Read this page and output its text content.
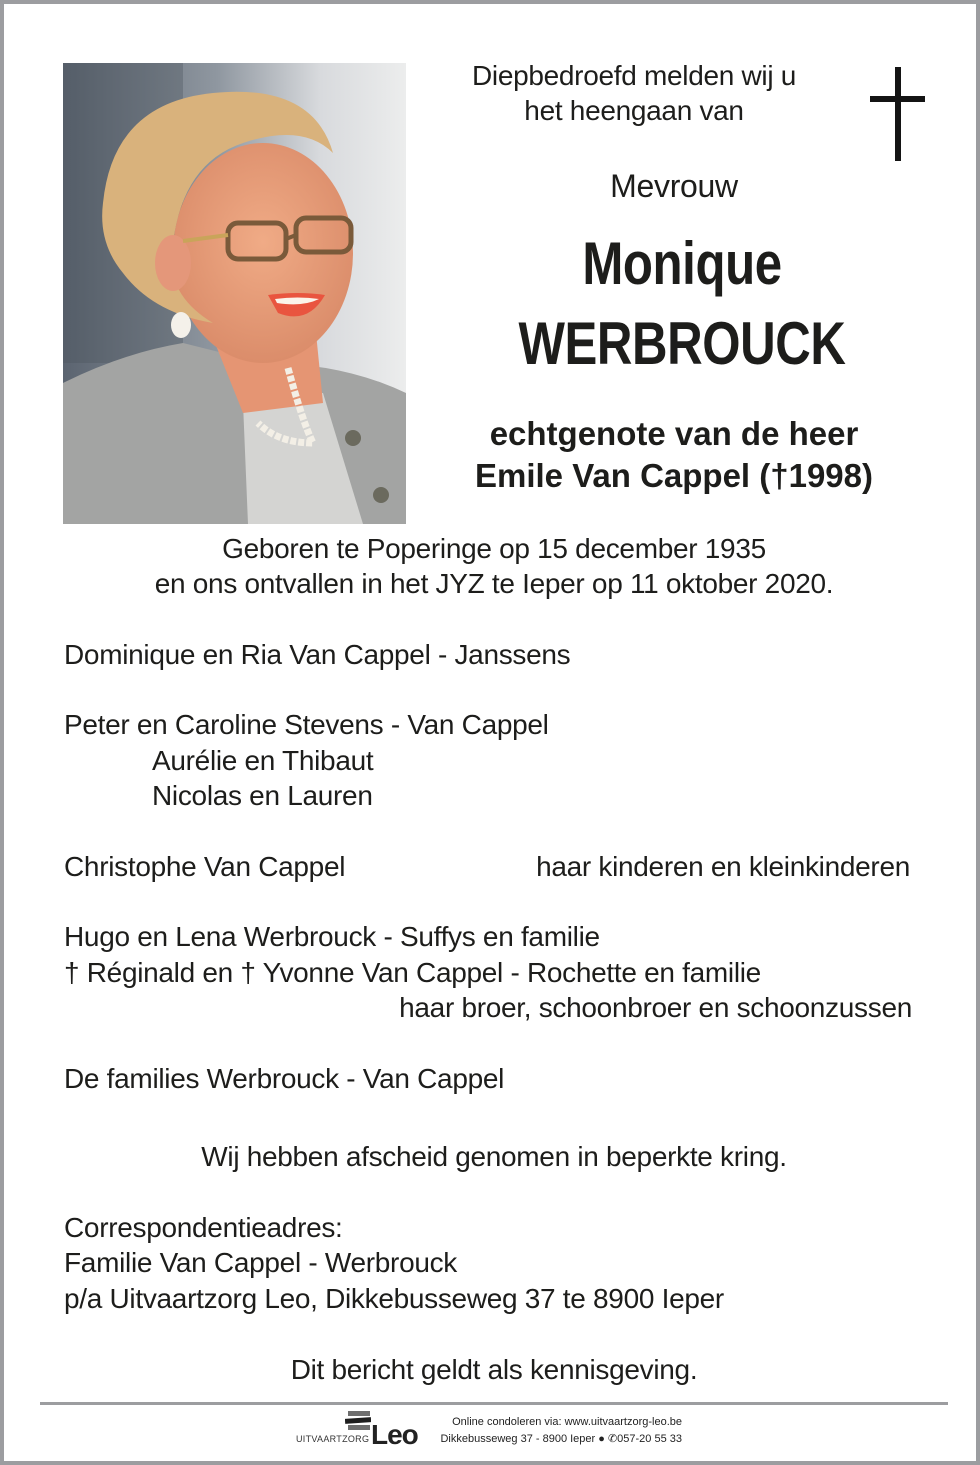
Diepbedroefd melden wij u
het heengaan van
Mevrouw
Monique
WERBROUCK
echtgenote van de heer
Emile Van Cappel (†1998)
Geboren te Poperinge op 15 december 1935
en ons ontvallen in het JYZ te Ieper op 11 oktober 2020.
Dominique en Ria Van Cappel - Janssens
Peter en Caroline Stevens - Van Cappel
Aurélie en Thibaut
Nicolas en Lauren
Christophe Van Cappel	haar kinderen en kleinkinderen
Hugo en Lena Werbrouck - Suffys en familie
† Réginald en † Yvonne Van Cappel - Rochette en familie
haar broer, schoonbroer en schoonzussen
De families Werbrouck - Van Cappel
Wij hebben afscheid genomen in beperkte kring.
Correspondentieadres:
Familie Van Cappel - Werbrouck
p/a Uitvaartzorg Leo, Dikkebusseweg 37 te 8900 Ieper
Dit bericht geldt als kennisgeving.
UITVAARTZORG Leo	Online condoleren via: www.uitvaartzorg-leo.be
Dikkebusseweg 37 - 8900 Ieper ● ✆057-20 55 33
